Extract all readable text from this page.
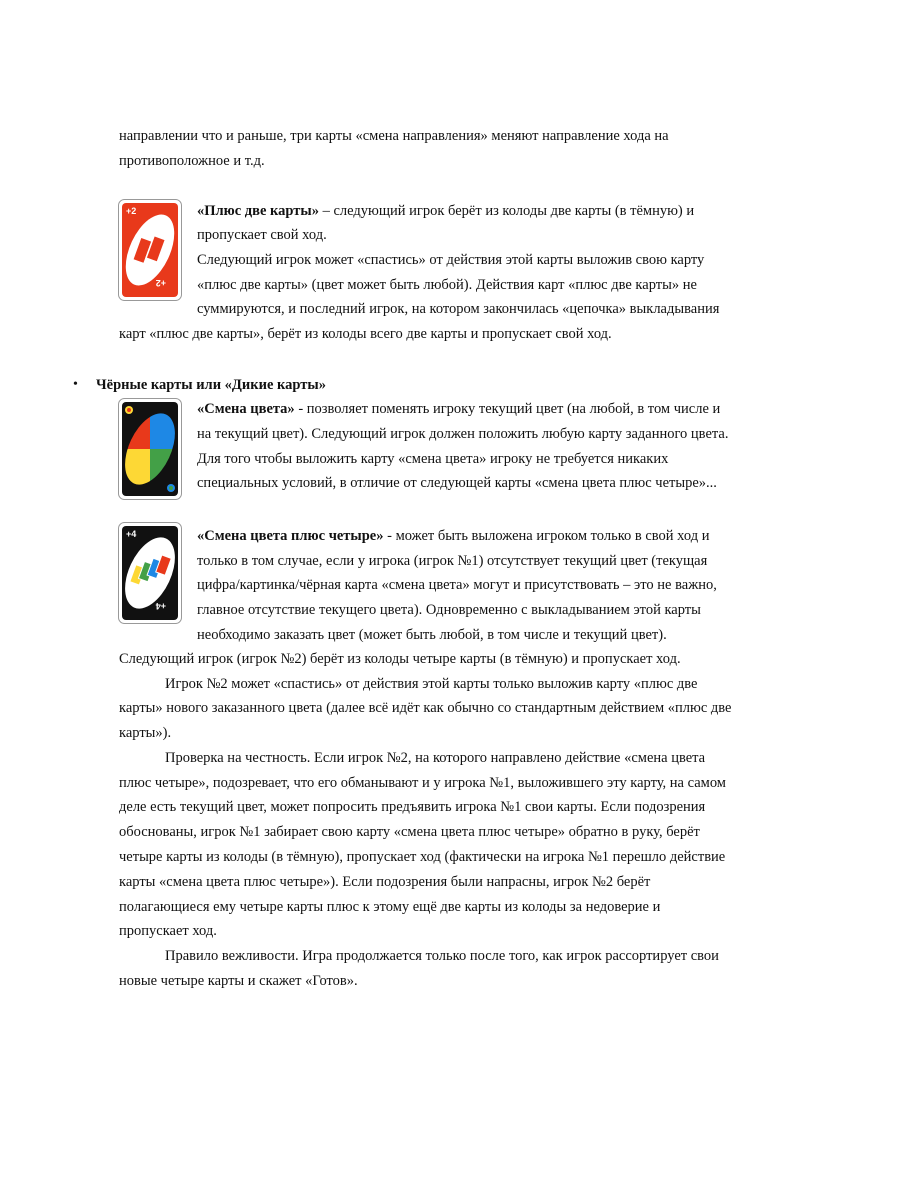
направлении что и раньше, три карты «смена направления» меняют направление хода на
противоположное и т.д.
+2
+2
«Плюс две карты» – следующий игрок берёт из колоды две карты (в тёмную) и
пропускает свой ход.
Следующий игрок может «спастись» от действия этой карты выложив свою карту
«плюс две карты» (цвет может быть любой). Действия карт «плюс две карты» не
суммируются, и последний игрок, на котором закончилась «цепочка» выкладывания
карт «плюс две карты», берёт из колоды всего две карты и пропускает свой ход.
• Чёрные карты или «Дикие карты»
«Смена цвета» - позволяет поменять игроку текущий цвет (на любой, в том числе и
на текущий цвет). Следующий игрок должен положить любую карту заданного цвета.
Для того чтобы выложить карту «смена цвета» игроку не требуется никаких
специальных условий, в отличие от следующей карты «смена цвета плюс четыре»...
+4
+4
«Смена цвета плюс четыре» - может быть выложена игроком только в свой ход и
только в том случае, если у игрока (игрок №1) отсутствует текущий цвет (текущая
цифра/картинка/чёрная карта «смена цвета» могут и присутствовать – это не важно,
главное отсутствие текущего цвета). Одновременно с выкладыванием этой карты
необходимо заказать цвет (может быть любой, в том числе и текущий цвет).
Следующий игрок (игрок №2) берёт из колоды четыре карты (в тёмную) и пропускает ход.
Игрок №2 может «спастись» от действия этой карты только выложив карту «плюс две
карты» нового заказанного цвета (далее всё идёт как обычно со стандартным действием «плюс две
карты»).
Проверка на честность. Если игрок №2, на которого направлено действие «смена цвета
плюс четыре», подозревает, что его обманывают и у игрока №1, выложившего эту карту, на самом
деле есть текущий цвет, может попросить предъявить игрока №1 свои карты. Если подозрения
обоснованы, игрок №1 забирает свою карту «смена цвета плюс четыре» обратно в руку, берёт
четыре карты из колоды (в тёмную), пропускает ход (фактически на игрока №1 перешло действие
карты «смена цвета плюс четыре»). Если подозрения были напрасны, игрок №2 берёт
полагающиеся ему четыре карты плюс к этому ещё две карты из колоды за недоверие и
пропускает ход.
Правило вежливости. Игра продолжается только после того, как игрок рассортирует свои
новые четыре карты и скажет «Готов».
